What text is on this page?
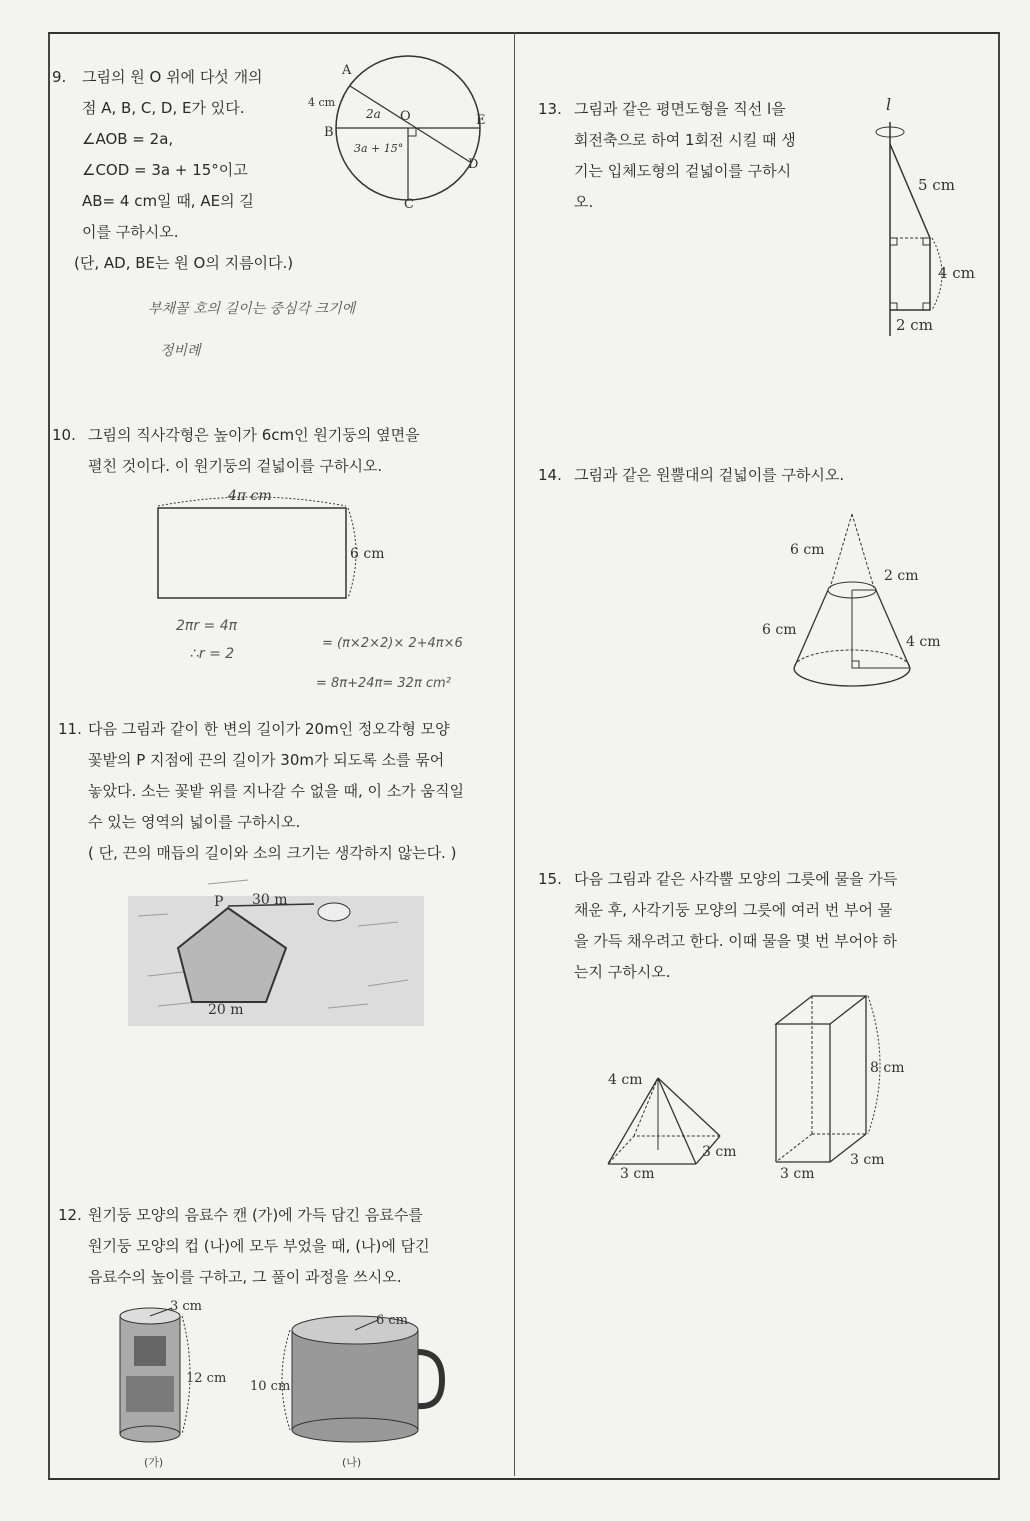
9. 그림의 원 O 위에 다섯 개의
점 A, B, C, D, E가 있다.
∠AOB = 2a,
∠COD = 3a + 15°이고
AB= 4 cm일 때, AE의 길
이를 구하시오.
(단, AD, BE는 원 O의 지름이다.)
부채꼴 호의 길이는 중심각 크기에
정비례
A
B
C
D
E
O
4 cm
2a
3a + 15°
10. 그림의 직사각형은 높이가 6cm인 원기둥의 옆면을
펼친 것이다. 이 원기둥의 겉넓이를 구하시오.
4π cm
6 cm
2πr = 4π
∴r = 2
= (π×2×2)× 2+4π×6
= 8π+24π= 32π cm²
11. 다음 그림과 같이 한 변의 길이가 20m인 정오각형 모양
꽃밭의 P 지점에 끈의 길이가 30m가 되도록 소를 묶어
놓았다. 소는 꽃밭 위를 지나갈 수 없을 때, 이 소가 움직일
수 있는 영역의 넓이를 구하시오.
( 단, 끈의 매듭의 길이와 소의 크기는 생각하지 않는다. )
P 30 m
20 m
12. 원기둥 모양의 음료수 캔 (가)에 가득 담긴 음료수를
원기둥 모양의 컵 (나)에 모두 부었을 때, (나)에 담긴
음료수의 높이를 구하고, 그 풀이 과정을 쓰시오.
3 cm
12 cm
6 cm
10 cm
(가)	(나)
13. 그림과 같은 평면도형을 직선 l을
회전축으로 하여 1회전 시킬 때 생
기는 입체도형의 겉넓이를 구하시
오.
l
5 cm
4 cm
2 cm
14. 그림과 같은 원뿔대의 겉넓이를 구하시오.
6 cm
2 cm
6 cm
4 cm
15. 다음 그림과 같은 사각뿔 모양의 그릇에 물을 가득
채운 후, 사각기둥 모양의 그릇에 여러 번 부어 물
을 가득 채우려고 한다. 이때 물을 몇 번 부어야 하
는지 구하시오.
4 cm
3 cm
3 cm
8 cm
3 cm
3 cm
